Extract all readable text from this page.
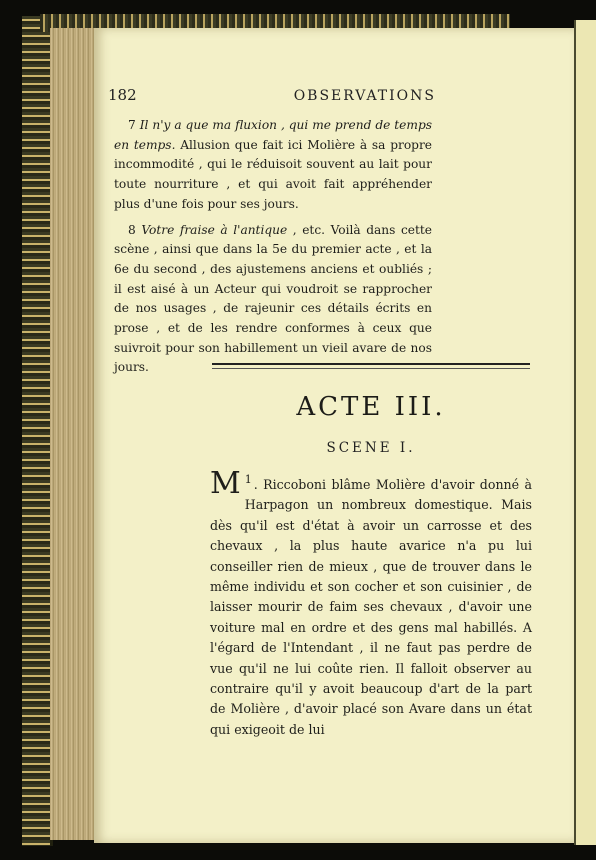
182	OBSERVATIONS

7 Il n'y a que ma fluxion , qui me prend de temps en temps. Allusion que fait ici Molière à sa propre incommodité , qui le réduisoit souvent au lait pour toute nourriture , et qui avoit fait appréhender plus d'une fois pour ses jours.

8 Votre fraise à l'antique , etc. Voilà dans cette scène , ainsi que dans la 5e du premier acte , et la 6e du second , des ajustemens anciens et oubliés ; il est aisé à un Acteur qui voudroit se rapprocher de nos usages , de rajeunir ces détails écrits en prose , et de les rendre conformes à ceux que suivroit pour son habillement un vieil avare de nos jours.

ACTE III.
SCENE I.
1
M . Riccoboni blâme Molière d'avoir donné à Harpagon un nombreux domestique. Mais dès qu'il est d'état à avoir un carrosse et des chevaux , la plus haute avarice n'a pu lui conseiller rien de mieux , que de trouver dans le même individu et son cocher et son cuisinier , de laisser mourir de faim ses chevaux , d'avoir une voiture mal en ordre et des gens mal habillés. A l'égard de l'Intendant , il ne faut pas perdre de vue qu'il ne lui coûte rien. Il falloit observer au contraire qu'il y avoit beaucoup d'art de la part de Molière , d'avoir placé son Avare dans un état qui exigeoit de lui
